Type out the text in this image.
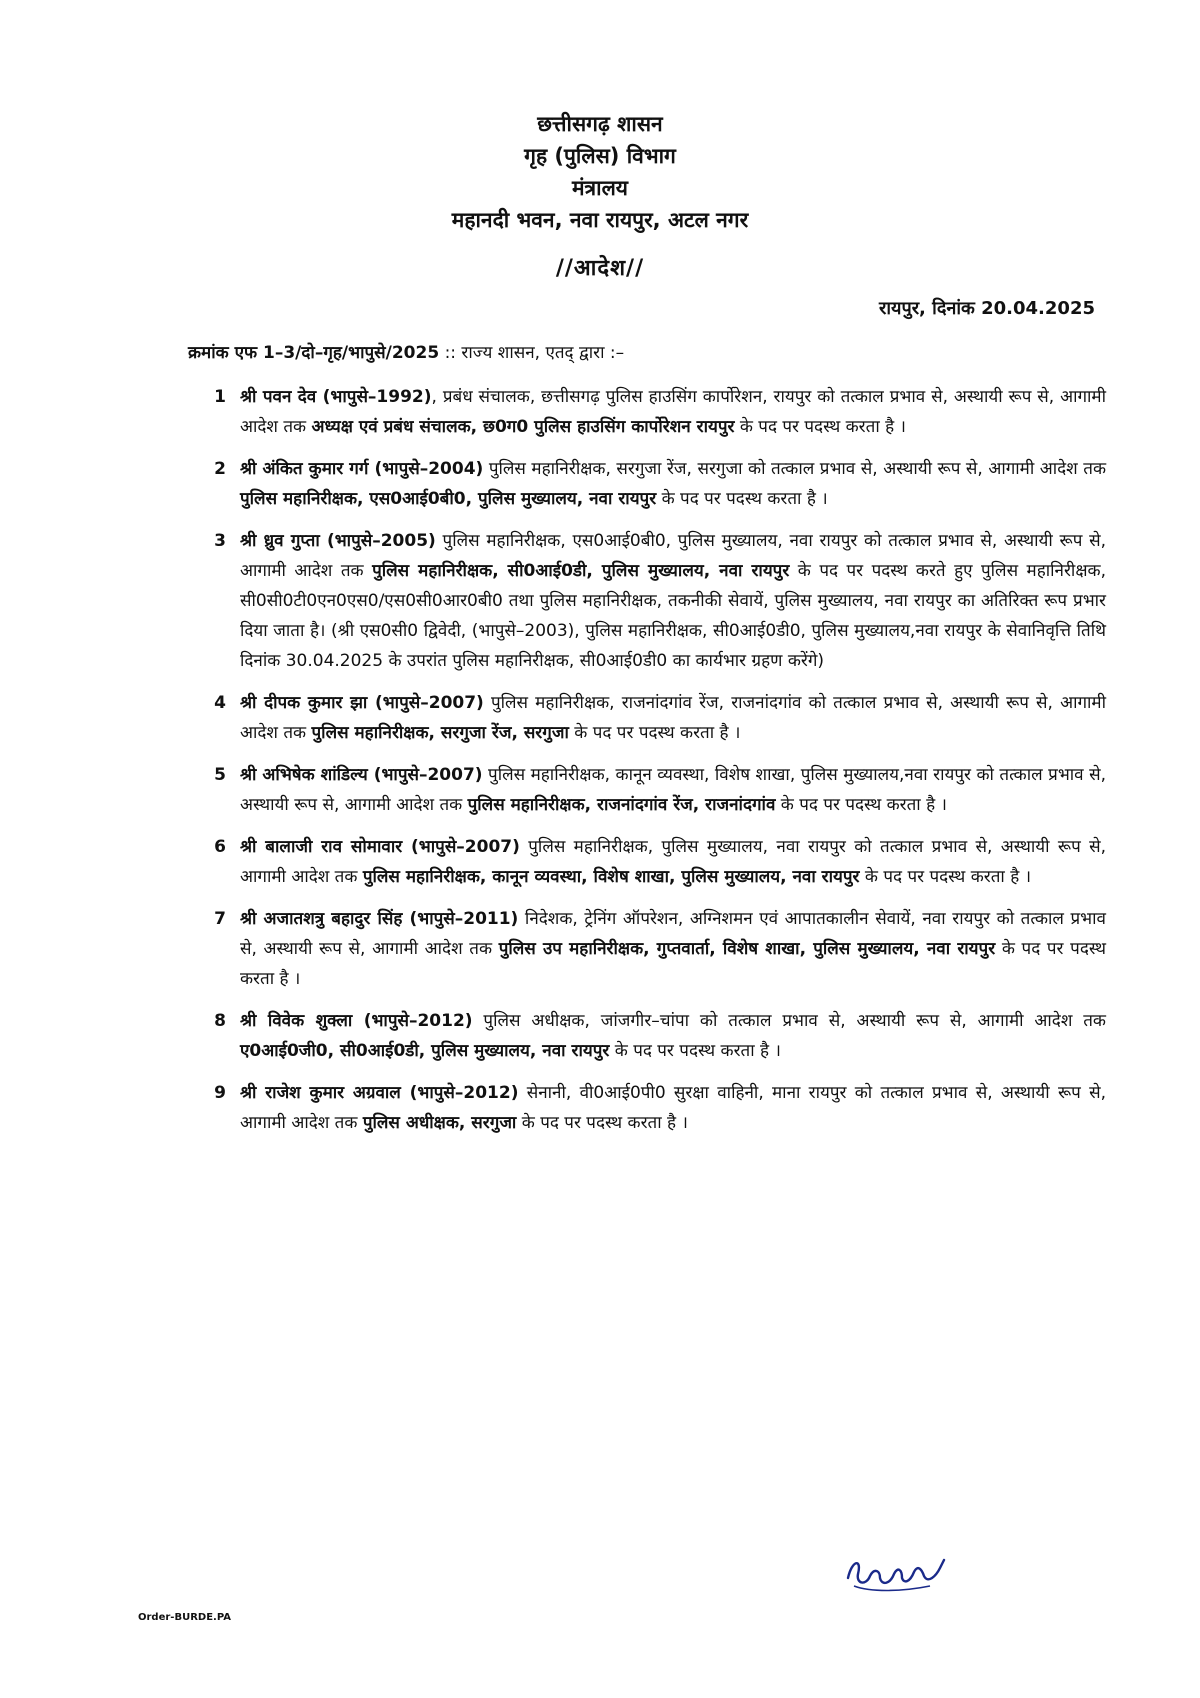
छत्तीसगढ़ शासन
गृह (पुलिस) विभाग
मंत्रालय
महानदी भवन, नवा रायपुर, अटल नगर
//आदेश//
रायपुर, दिनांक 20.04.2025
क्रमांक एफ 1–3/दो–गृह/भापुसे/2025 :: राज्य शासन, एतद् द्वारा :–
1 श्री पवन देव (भापुसे–1992), प्रबंध संचालक, छत्तीसगढ़ पुलिस हाउसिंग कार्पोरेशन, रायपुर को तत्काल प्रभाव से, अस्थायी रूप से, आगामी आदेश तक अध्यक्ष एवं प्रबंध संचालक, छ0ग0 पुलिस हाउसिंग कार्पोरेशन रायपुर के पद पर पदस्थ करता है ।
2 श्री अंकित कुमार गर्ग (भापुसे–2004) पुलिस महानिरीक्षक, सरगुजा रेंज, सरगुजा को तत्काल प्रभाव से, अस्थायी रूप से, आगामी आदेश तक पुलिस महानिरीक्षक, एस0आई0बी0, पुलिस मुख्यालय, नवा रायपुर के पद पर पदस्थ करता है ।
3 श्री ध्रुव गुप्ता (भापुसे–2005) पुलिस महानिरीक्षक, एस0आई0बी0, पुलिस मुख्यालय, नवा रायपुर को तत्काल प्रभाव से, अस्थायी रूप से, आगामी आदेश तक पुलिस महानिरीक्षक, सी0आई0डी, पुलिस मुख्यालय, नवा रायपुर के पद पर पदस्थ करते हुए पुलिस महानिरीक्षक, सी0सी0टी0एन0एस0/एस0सी0आर0बी0 तथा पुलिस महानिरीक्षक, तकनीकी सेवायें, पुलिस मुख्यालय, नवा रायपुर का अतिरिक्त रूप प्रभार दिया जाता है। (श्री एस0सी0 द्विवेदी, (भापुसे–2003), पुलिस महानिरीक्षक, सी0आई0डी0, पुलिस मुख्यालय,नवा रायपुर के सेवानिवृत्ति तिथि दिनांक 30.04.2025 के उपरांत पुलिस महानिरीक्षक, सी0आई0डी0 का कार्यभार ग्रहण करेंगे)
4 श्री दीपक कुमार झा (भापुसे–2007) पुलिस महानिरीक्षक, राजनांदगांव रेंज, राजनांदगांव को तत्काल प्रभाव से, अस्थायी रूप से, आगामी आदेश तक पुलिस महानिरीक्षक, सरगुजा रेंज, सरगुजा के पद पर पदस्थ करता है ।
5 श्री अभिषेक शांडिल्य (भापुसे–2007) पुलिस महानिरीक्षक, कानून व्यवस्था, विशेष शाखा, पुलिस मुख्यालय,नवा रायपुर को तत्काल प्रभाव से, अस्थायी रूप से, आगामी आदेश तक पुलिस महानिरीक्षक, राजनांदगांव रेंज, राजनांदगांव के पद पर पदस्थ करता है ।
6 श्री बालाजी राव सोमावार (भापुसे–2007) पुलिस महानिरीक्षक, पुलिस मुख्यालय, नवा रायपुर को तत्काल प्रभाव से, अस्थायी रूप से, आगामी आदेश तक पुलिस महानिरीक्षक, कानून व्यवस्था, विशेष शाखा, पुलिस मुख्यालय, नवा रायपुर के पद पर पदस्थ करता है ।
7 श्री अजातशत्रु बहादुर सिंह (भापुसे–2011) निदेशक, ट्रेनिंग ऑपरेशन, अग्निशमन एवं आपातकालीन सेवायें, नवा रायपुर को तत्काल प्रभाव से, अस्थायी रूप से, आगामी आदेश तक पुलिस उप महानिरीक्षक, गुप्तवार्ता, विशेष शाखा, पुलिस मुख्यालय, नवा रायपुर के पद पर पदस्थ करता है ।
8 श्री विवेक शुक्ला (भापुसे–2012) पुलिस अधीक्षक, जांजगीर–चांपा को तत्काल प्रभाव से, अस्थायी रूप से, आगामी आदेश तक ए0आई0जी0, सी0आई0डी, पुलिस मुख्यालय, नवा रायपुर के पद पर पदस्थ करता है ।
9 श्री राजेश कुमार अग्रवाल (भापुसे–2012) सेनानी, वी0आई0पी0 सुरक्षा वाहिनी, माना रायपुर को तत्काल प्रभाव से, अस्थायी रूप से, आगामी आदेश तक पुलिस अधीक्षक, सरगुजा के पद पर पदस्थ करता है ।
Order-BURDE.PA
